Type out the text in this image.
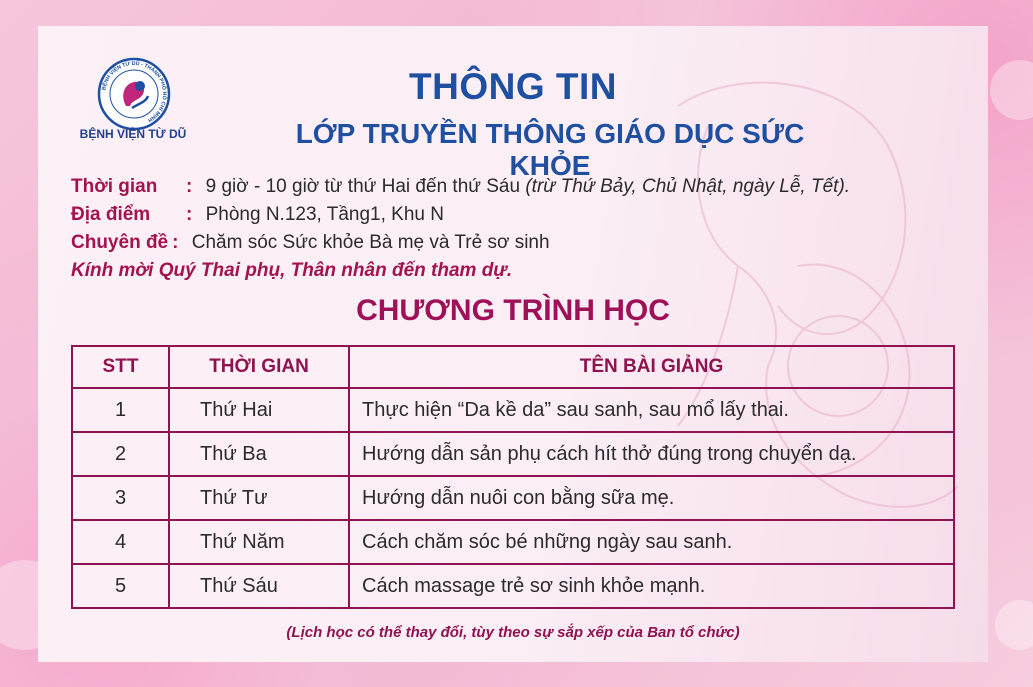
BỆNH VIỆN TỪ DŨ - THÀNH PHỐ HỒ CHÍ MINH
BỆNH VIỆN TỪ DŨ
THÔNG TIN
LỚP TRUYỀN THÔNG GIÁO DỤC SỨC KHỎE
Thời gian : 9 giờ - 10 giờ từ thứ Hai đến thứ Sáu (trừ Thứ Bảy, Chủ Nhật, ngày Lễ, Tết).
Địa điểm : Phòng N.123, Tầng1, Khu N
Chuyên đề : Chăm sóc Sức khỏe Bà mẹ và Trẻ sơ sinh
Kính mời Quý Thai phụ, Thân nhân đến tham dự.
CHƯƠNG TRÌNH HỌC
STT	THỜI GIAN	TÊN BÀI GIẢNG
1	Thứ Hai	Thực hiện “Da kề da” sau sanh, sau mổ lấy thai.
2	Thứ Ba	Hướng dẫn sản phụ cách hít thở đúng trong chuyển dạ.
3	Thứ Tư	Hướng dẫn nuôi con bằng sữa mẹ.
4	Thứ Năm	Cách chăm sóc bé những ngày sau sanh.
5	Thứ Sáu	Cách massage trẻ sơ sinh khỏe mạnh.
(Lịch học có thể thay đổi, tùy theo sự sắp xếp của Ban tổ chức)
